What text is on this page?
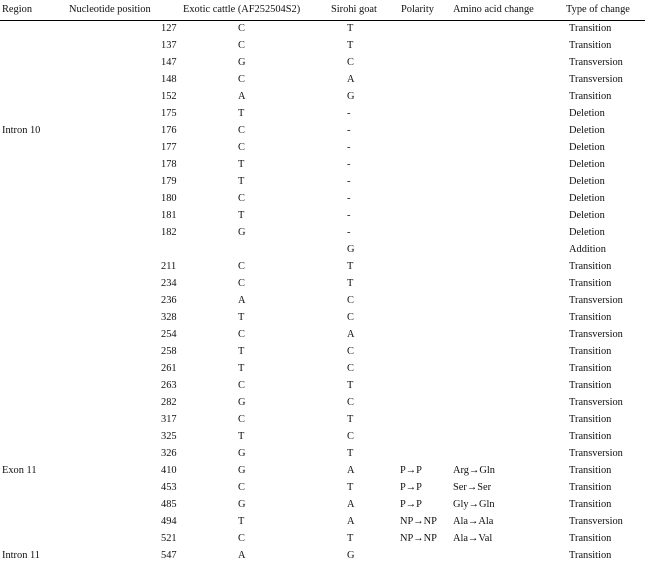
Region	Nucleotide position	Exotic cattle (AF252504S2)	Sirohi goat	Polarity	Amino acid change	Type of change
	127	C	T			Transition
	137	C	T			Transition
	147	G	C			Transversion
	148	C	A			Transversion
	152	A	G			Transition
	175	T	-			Deletion
Intron 10	176	C	-			Deletion
	177	C	-			Deletion
	178	T	-			Deletion
	179	T	-			Deletion
	180	C	-			Deletion
	181	T	-			Deletion
	182	G	-			Deletion
			G			Addition
	211	C	T			Transition
	234	C	T			Transition
	236	A	C			Transversion
	328	T	C			Transition
	254	C	A			Transversion
	258	T	C			Transition
	261	T	C			Transition
	263	C	T			Transition
	282	G	C			Transversion
	317	C	T			Transition
	325	T	C			Transition
	326	G	T			Transversion
Exon 11	410	G	A	P→P	Arg→Gln	Transition
	453	C	T	P→P	Ser→Ser	Transition
	485	G	A	P→P	Gly→Gln	Transition
	494	T	A	NP→NP	Ala→Ala	Transversion
	521	C	T	NP→NP	Ala→Val	Transition
Intron 11	547	A	G			Transition
